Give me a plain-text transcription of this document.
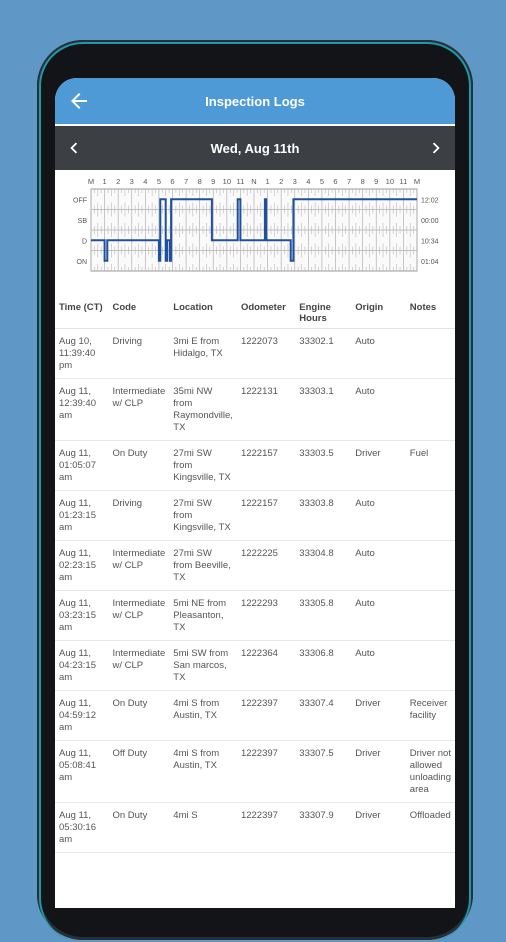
Inspection Logs
Wed, Aug 11th
M 1 2 3 4 5 6 7 8 9 10 11 N 1 2 3 4 5 6 7 8 9 10 11 M
OFF
SB
D
ON
12:02
00:00
10:34
01:04
Time (CT)	Code	Location	Odometer	Engine Hours	Origin	Notes
Aug 10, 11:39:40 pm	Driving	3mi E from Hidalgo, TX	1222073	33302.1	Auto	
Aug 11, 12:39:40 am	Intermediate w/ CLP	35mi NW from Raymondville, TX	1222131	33303.1	Auto	
Aug 11, 01:05:07 am	On Duty	27mi SW from Kingsville, TX	1222157	33303.5	Driver	Fuel
Aug 11, 01:23:15 am	Driving	27mi SW from Kingsville, TX	1222157	33303.8	Auto	
Aug 11, 02:23:15 am	Intermediate w/ CLP	27mi SW from Beeville, TX	1222225	33304.8	Auto	
Aug 11, 03:23:15 am	Intermediate w/ CLP	5mi NE from Pleasanton, TX	1222293	33305.8	Auto	
Aug 11, 04:23:15 am	Intermediate w/ CLP	5mi SW from San marcos, TX	1222364	33306.8	Auto	
Aug 11, 04:59:12 am	On Duty	4mi S from Austin, TX	1222397	33307.4	Driver	Receiver facility
Aug 11, 05:08:41 am	Off Duty	4mi S from Austin, TX	1222397	33307.5	Driver	Driver not allowed unloading area
Aug 11, 05:30:16 am	On Duty	4mi S	1222397	33307.9	Driver	Offloaded
